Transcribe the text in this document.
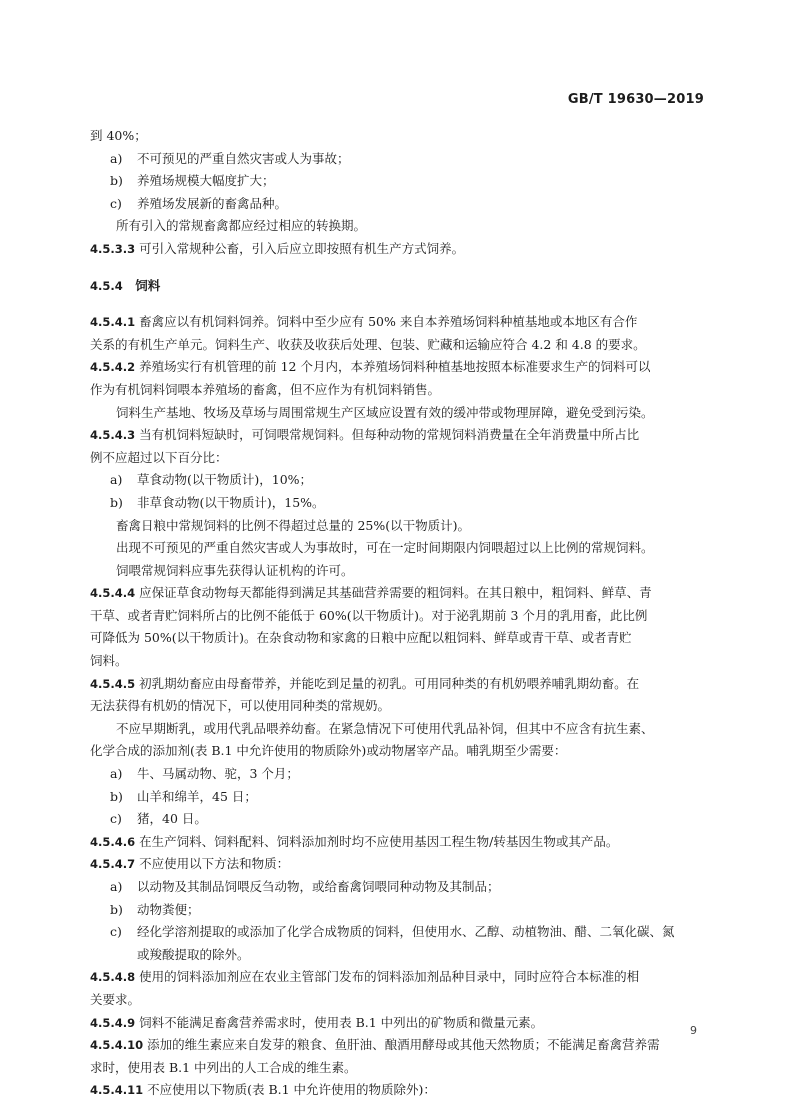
GB/T 19630—2019

到 40%；

a) 不可预见的严重自然灾害或人为事故；

b) 养殖场规模大幅度扩大；

c) 养殖场发展新的畜禽品种。

所有引入的常规畜禽都应经过相应的转换期。

4.5.3.3 可引入常规种公畜，引入后应立即按照有机生产方式饲养。

4.5.4  饲料

4.5.4.1 畜禽应以有机饲料饲养。饲料中至少应有 50% 来自本养殖场饲料种植基地或本地区有合作

关系的有机生产单元。饲料生产、收获及收获后处理、包装、贮藏和运输应符合 4.2 和 4.8 的要求。

4.5.4.2 养殖场实行有机管理的前 12 个月内，本养殖场饲料种植基地按照本标准要求生产的饲料可以

作为有机饲料饲喂本养殖场的畜禽，但不应作为有机饲料销售。

饲料生产基地、牧场及草场与周围常规生产区域应设置有效的缓冲带或物理屏障，避免受到污染。

4.5.4.3 当有机饲料短缺时，可饲喂常规饲料。但每种动物的常规饲料消费量在全年消费量中所占比

例不应超过以下百分比：

a) 草食动物(以干物质计)，10%；

b) 非草食动物(以干物质计)，15%。

畜禽日粮中常规饲料的比例不得超过总量的 25%(以干物质计)。

出现不可预见的严重自然灾害或人为事故时，可在一定时间期限内饲喂超过以上比例的常规饲料。

饲喂常规饲料应事先获得认证机构的许可。

4.5.4.4 应保证草食动物每天都能得到满足其基础营养需要的粗饲料。在其日粮中，粗饲料、鲜草、青

干草、或者青贮饲料所占的比例不能低于 60%(以干物质计)。对于泌乳期前 3 个月的乳用畜，此比例

可降低为 50%(以干物质计)。在杂食动物和家禽的日粮中应配以粗饲料、鲜草或青干草、或者青贮

饲料。

4.5.4.5 初乳期幼畜应由母畜带养，并能吃到足量的初乳。可用同种类的有机奶喂养哺乳期幼畜。在

无法获得有机奶的情况下，可以使用同种类的常规奶。

不应早期断乳，或用代乳品喂养幼畜。在紧急情况下可使用代乳品补饲，但其中不应含有抗生素、

化学合成的添加剂(表 B.1 中允许使用的物质除外)或动物屠宰产品。哺乳期至少需要：

a) 牛、马属动物、驼，3 个月；

b) 山羊和绵羊，45 日；

c) 猪，40 日。

4.5.4.6 在生产饲料、饲料配料、饲料添加剂时均不应使用基因工程生物/转基因生物或其产品。

4.5.4.7 不应使用以下方法和物质：

a) 以动物及其制品饲喂反刍动物，或给畜禽饲喂同种动物及其制品；

b) 动物粪便；

c) 经化学溶剂提取的或添加了化学合成物质的饲料，但使用水、乙醇、动植物油、醋、二氧化碳、氮

或羧酸提取的除外。

4.5.4.8 使用的饲料添加剂应在农业主管部门发布的饲料添加剂品种目录中，同时应符合本标准的相

关要求。

4.5.4.9 饲料不能满足畜禽营养需求时，使用表 B.1 中列出的矿物质和微量元素。

4.5.4.10 添加的维生素应来自发芽的粮食、鱼肝油、酿酒用酵母或其他天然物质；不能满足畜禽营养需

求时，使用表 B.1 中列出的人工合成的维生素。

4.5.4.11 不应使用以下物质(表 B.1 中允许使用的物质除外)：

9
